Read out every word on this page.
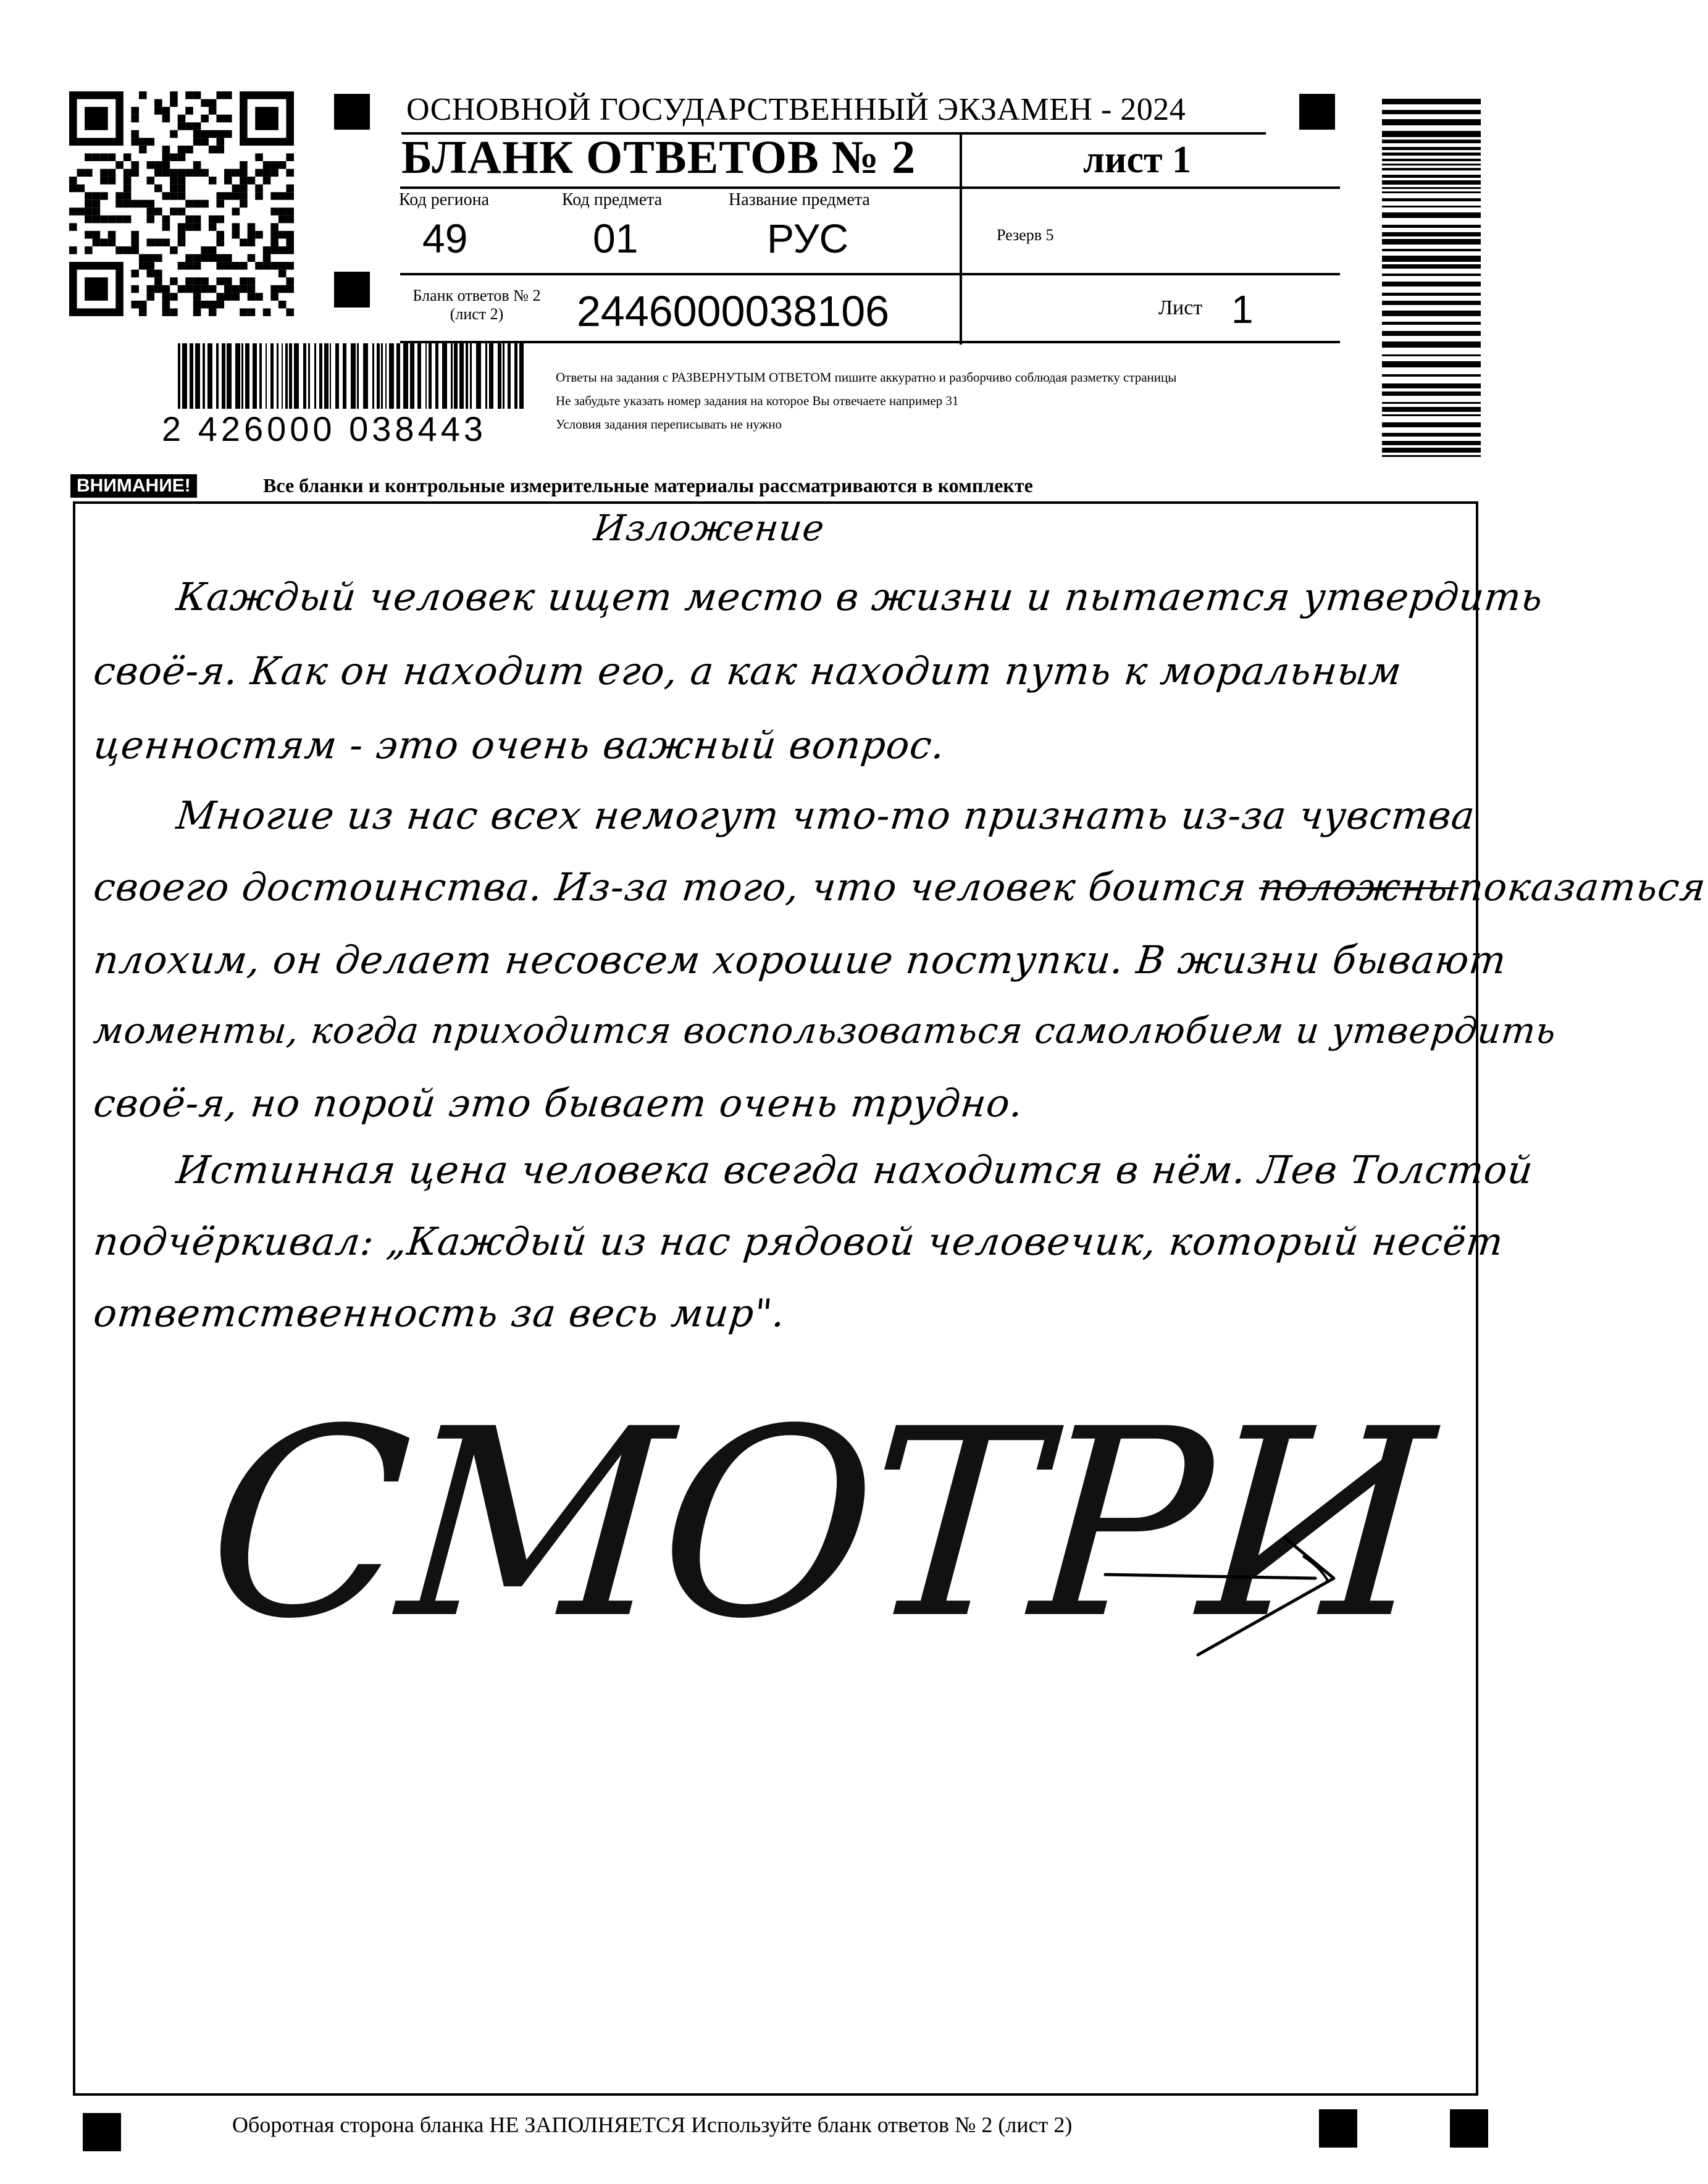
ОСНОВНОЙ ГОСУДАРСТВЕННЫЙ ЭКЗАМЕН - 2024
БЛАНК ОТВЕТОВ № 2	лист 1
Код региона
49
Код предмета
01
Название предмета
РУС	Резерв 5
Бланк ответов № 2
(лист 2)	2446000038106	Лист 1
Ответы на задания с РАЗВЕРНУТЫМ ОТВЕТОМ пишите аккуратно и разборчиво соблюдая разметку страницы
Не забудьте указать номер задания на которое Вы отвечаете например 31
Условия задания переписывать не нужно
2 426000 038443
ВНИМАНИЕ!	Все бланки и контрольные измерительные материалы рассматриваются в комплекте
Изложение
Каждый человек ищет место в жизни и пытается утвердить
своё-я. Как он находит его, а как находит путь к моральным
ценностям - это очень важный вопрос.
Многие из нас всех немогут что-то признать из-за чувства
своего достоинства. Из-за того, что человек боится положныпоказаться
плохим, он делает несовсем хорошие поступки. В жизни бывают
моменты, когда приходится воспользоваться самолюбием и утвердить
своё-я, но порой это бывает очень трудно.
Истинная цена человека всегда находится в нём. Лев Толстой
подчёркивал: „Каждый из нас рядовой человечик, который несёт
ответственность за весь мир".
СМОТРИ
Оборотная сторона бланка НЕ ЗАПОЛНЯЕТСЯ Используйте бланк ответов № 2 (лист 2)
